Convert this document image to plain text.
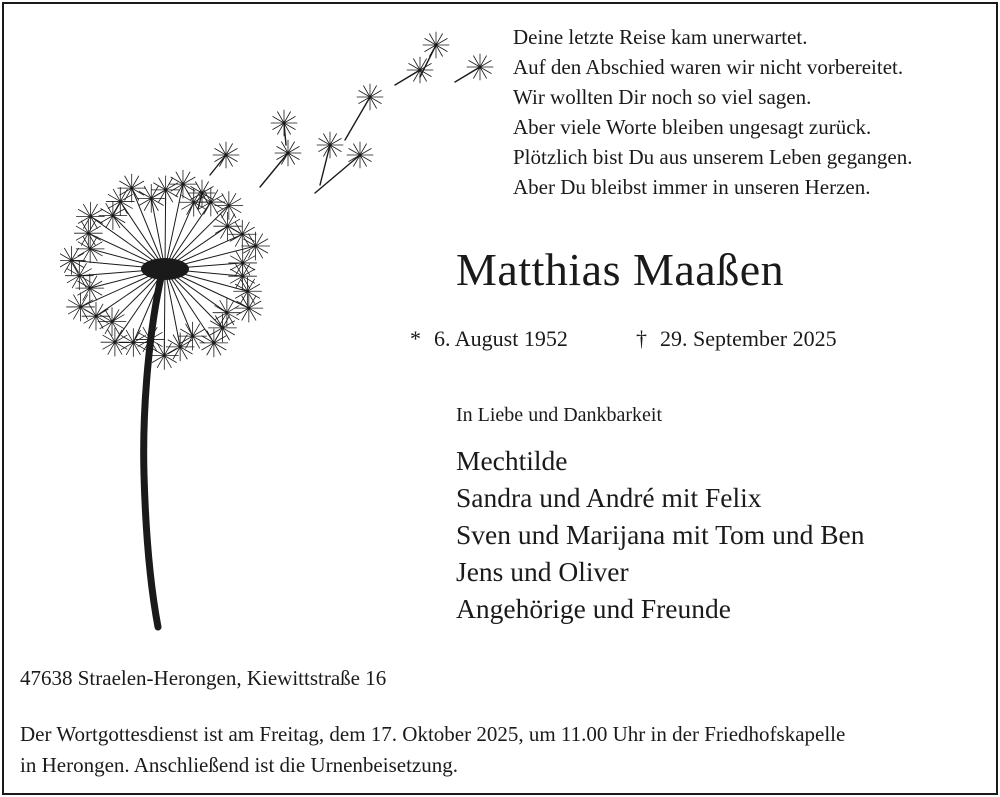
Deine letzte Reise kam unerwartet.
Auf den Abschied waren wir nicht vorbereitet.
Wir wollten Dir noch so viel sagen.
Aber viele Worte bleiben ungesagt zurück.
Plötzlich bist Du aus unserem Leben gegangen.
Aber Du bleibst immer in unseren Herzen.
Matthias Maaßen
* 6. August 1952	† 29. September 2025
In Liebe und Dankbarkeit
Mechtilde
Sandra und André mit Felix
Sven und Marijana mit Tom und Ben
Jens und Oliver
Angehörige und Freunde
47638 Straelen-Herongen, Kiewittstraße 16
Der Wortgottesdienst ist am Freitag, dem 17. Oktober 2025, um 11.00 Uhr in der Friedhofskapelle
in Herongen. Anschließend ist die Urnenbeisetzung.
